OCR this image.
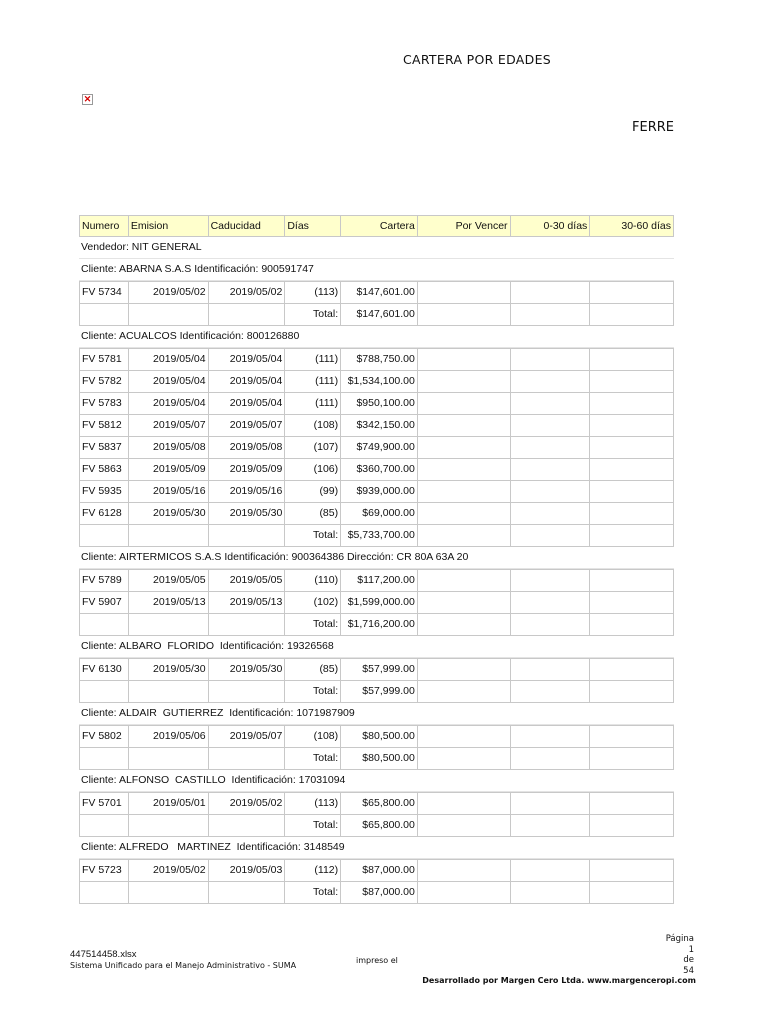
CARTERA POR EDADES
✕
FERRE
Numero	Emision	Caducidad	Días	Cartera	Por Vencer	0-30 días	30-60 días
Vendedor: NIT GENERAL
Cliente: ABARNA S.A.S Identificación: 900591747
FV 5734	2019/05/02	2019/05/02	(113)	$147,601.00
Total:	$147,601.00
Cliente: ACUALCOS Identificación: 800126880
FV 5781	2019/05/04	2019/05/04	(111)	$788,750.00
FV 5782	2019/05/04	2019/05/04	(111) $1,534,100.00
FV 5783	2019/05/04	2019/05/04	(111)	$950,100.00
FV 5812	2019/05/07	2019/05/07	(108)	$342,150.00
FV 5837	2019/05/08	2019/05/08	(107)	$749,900.00
FV 5863	2019/05/09	2019/05/09	(106)	$360,700.00
FV 5935	2019/05/16	2019/05/16	(99)	$939,000.00
FV 6128	2019/05/30	2019/05/30	(85)	$69,000.00
Total: $5,733,700.00
Cliente: AIRTERMICOS S.A.S Identificación: 900364386 Dirección: CR 80A 63A 20
FV 5789	2019/05/05	2019/05/05	(110)	$117,200.00
FV 5907	2019/05/13	2019/05/13	(102) $1,599,000.00
Total: $1,716,200.00
Cliente: ALBARO  FLORIDO  Identificación: 19326568
FV 6130	2019/05/30	2019/05/30	(85)	$57,999.00
Total:	$57,999.00
Cliente: ALDAIR  GUTIERREZ  Identificación: 1071987909
FV 5802	2019/05/06	2019/05/07	(108)	$80,500.00
Total:	$80,500.00
Cliente: ALFONSO  CASTILLO  Identificación: 17031094
FV 5701	2019/05/01	2019/05/02	(113)	$65,800.00
Total:	$65,800.00
Cliente: ALFREDO   MARTINEZ  Identificación: 3148549
FV 5723	2019/05/02	2019/05/03	(112)	$87,000.00
Total:	$87,000.00
447514458.xlsx
Sistema Unificado para el Manejo Administrativo - SUMA
impreso el
Página
1
de
54
Desarrollado por Margen Cero Ltda. www.margenceropi.com
